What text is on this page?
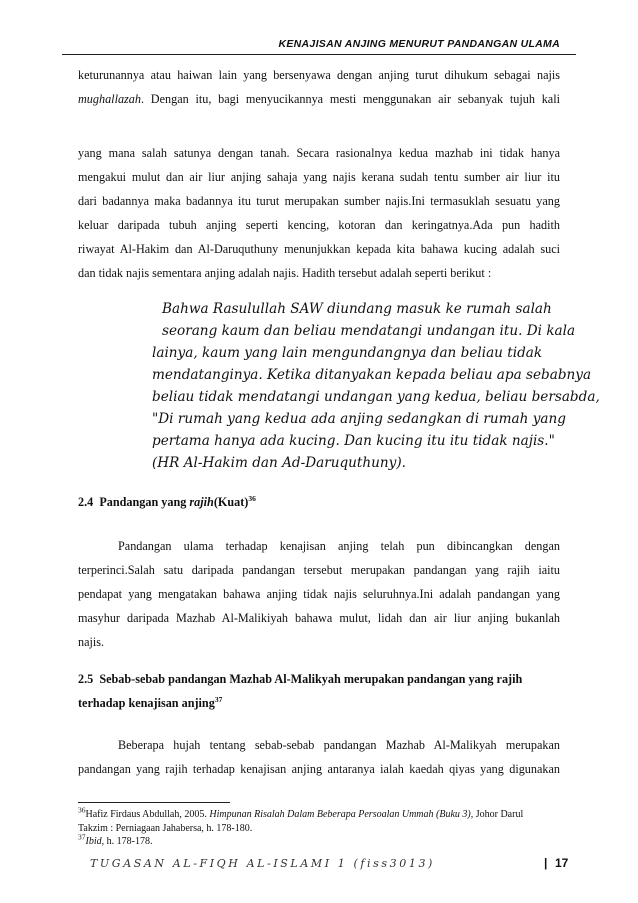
KENAJISAN ANJING MENURUT PANDANGAN ULAMA
keturunannya atau haiwan lain yang bersenyawa dengan anjing turut dihukum sebagai najis
mughallazah. Dengan itu, bagi menyucikannya mesti menggunakan air sebanyak tujuh kali
yang mana salah satunya dengan tanah. Secara rasionalnya kedua mazhab ini tidak hanya
mengakui mulut dan air liur anjing sahaja yang najis kerana sudah tentu sumber air liur itu
dari badannya maka badannya itu turut merupakan sumber najis.Ini termasuklah sesuatu yang
keluar daripada tubuh anjing seperti kencing, kotoran dan keringatnya.Ada pun hadith
riwayat Al-Hakim dan Al-Daruquthuny menunjukkan kepada kita bahawa kucing adalah suci
dan tidak najis sementara anjing adalah najis. Hadith tersebut adalah seperti berikut :
Bahwa Rasulullah SAW diundang masuk ke rumah salah
seorang kaum dan beliau mendatangi undangan itu. Di kala
lainya, kaum yang lain mengundangnya dan beliau tidak
mendatanginya. Ketika ditanyakan kepada beliau apa sebabnya
beliau tidak mendatangi undangan yang kedua, beliau bersabda,
"Di rumah yang kedua ada anjing sedangkan di rumah yang
pertama hanya ada kucing. Dan kucing itu itu tidak najis."
(HR Al-Hakim dan Ad-Daruquthuny).
2.4 Pandangan yang rajih(Kuat)$^{36}$
Pandangan ulama terhadap kenajisan anjing telah pun dibincangkan dengan
terperinci.Salah satu daripada pandangan tersebut merupakan pandangan yang rajih iaitu
pendapat yang mengatakan bahawa anjing tidak najis seluruhnya.Ini adalah pandangan yang
masyhur daripada Mazhab Al-Malikiyah bahawa mulut, lidah dan air liur anjing bukanlah
najis.
2.5 Sebab-sebab pandangan Mazhab Al-Malikyah merupakan pandangan yang rajih
terhadap kenajisan anjing$^{37}$
Beberapa hujah tentang sebab-sebab pandangan Mazhab Al-Malikyah merupakan
pandangan yang rajih terhadap kenajisan anjing antaranya ialah kaedah qiyas yang digunakan
$^{36}$Hafiz Firdaus Abdullah, 2005. Himpunan Risalah Dalam Beberapa Persoalan Ummah (Buku 3), Johor Darul
Takzim : Perniagaan Jahabersa, h. 178-180.
$^{37}$Ibid, h. 178-178.
TUGASAN AL-FIQH AL-ISLAMI 1 (fiss3013)	| 17
